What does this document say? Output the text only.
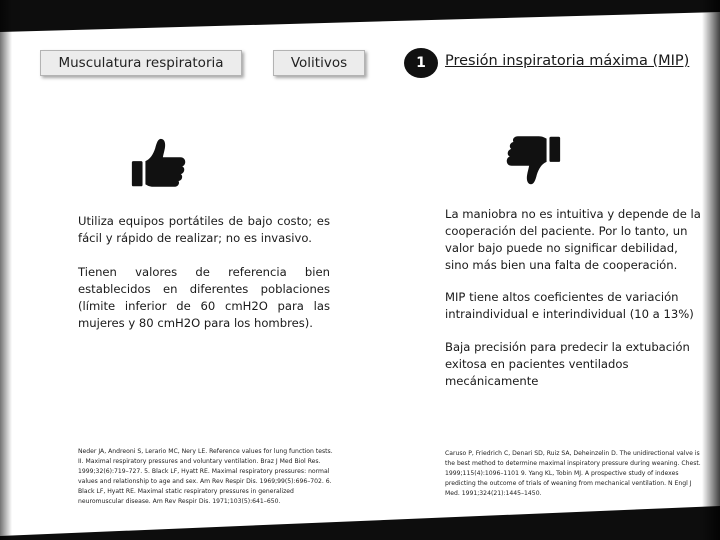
Musculatura respiratoria	Volitivos	1	Presión inspiratoria máxima (MIP)
Utiliza equipos portátiles de bajo costo; es fácil y rápido de realizar; no es invasivo.
Tienen valores de referencia bien establecidos en diferentes poblaciones (límite inferior de 60 cmH2O para las mujeres y 80 cmH2O para los hombres).
La maniobra no es intuitiva y depende de la cooperación del paciente. Por lo tanto, un valor bajo puede no significar debilidad, sino más bien una falta de cooperación.
MIP tiene altos coeficientes de variación intraindividual e interindividual (10 a 13%)
Baja precisión para predecir la extubación exitosa en pacientes ventilados mecánicamente
Neder JA, Andreoni S, Lerario MC, Nery LE. Reference values for lung function tests. II. Maximal respiratory pressures and voluntary ventilation. Braz J Med Biol Res. 1999;32(6):719–727. 5. Black LF, Hyatt RE. Maximal respiratory pressures: normal values and relationship to age and sex. Am Rev Respir Dis. 1969;99(5):696–702. 6. Black LF, Hyatt RE. Maximal static respiratory pressures in generalized neuromuscular disease. Am Rev Respir Dis. 1971;103(5):641–650.
Caruso P, Friedrich C, Denari SD, Ruiz SA, Deheinzelin D. The unidirectional valve is the best method to determine maximal inspiratory pressure during weaning. Chest. 1999;115(4):1096–1101 9. Yang KL, Tobin MJ. A prospective study of indexes predicting the outcome of trials of weaning from mechanical ventilation. N Engl J Med. 1991;324(21):1445–1450.
